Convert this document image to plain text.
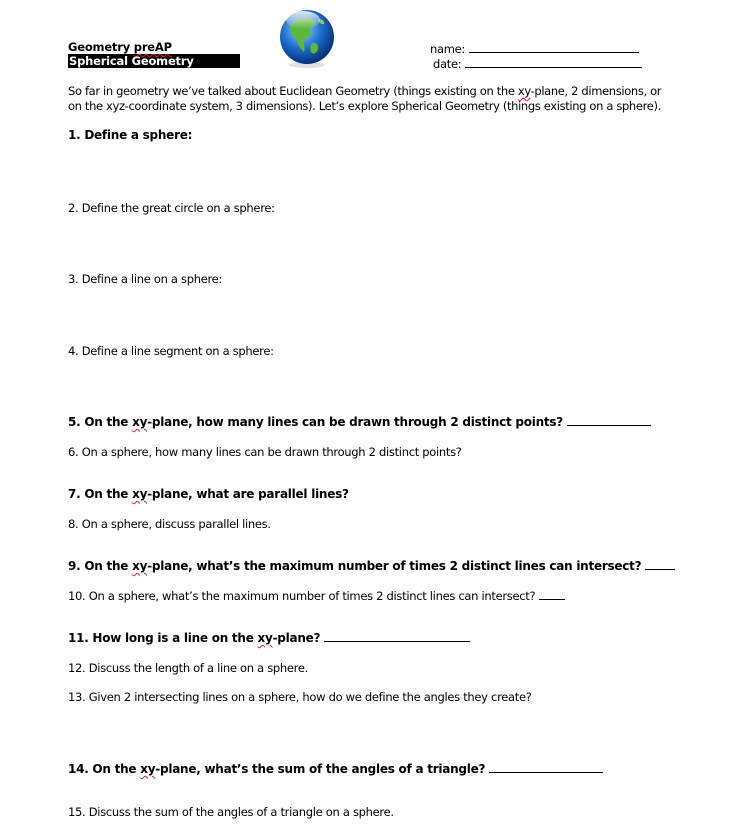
Geometry preAP
Spherical Geometry
name:
date:
So far in geometry we’ve talked about Euclidean Geometry (things existing on the xy-plane, 2 dimensions, or on the xyz-coordinate system, 3 dimensions). Let’s explore Spherical Geometry (things existing on a sphere).
1. Define a sphere:
2. Define the great circle on a sphere:
3. Define a line on a sphere:
4. Define a line segment on a sphere:
5. On the xy-plane, how many lines can be drawn through 2 distinct points?
6. On a sphere, how many lines can be drawn through 2 distinct points?
7. On the xy-plane, what are parallel lines?
8. On a sphere, discuss parallel lines.
9. On the xy-plane, what’s the maximum number of times 2 distinct lines can intersect?
10. On a sphere, what’s the maximum number of times 2 distinct lines can intersect?
11. How long is a line on the xy-plane?
12. Discuss the length of a line on a sphere.
13. Given 2 intersecting lines on a sphere, how do we define the angles they create?
14. On the xy-plane, what’s the sum of the angles of a triangle?
15. Discuss the sum of the angles of a triangle on a sphere.
